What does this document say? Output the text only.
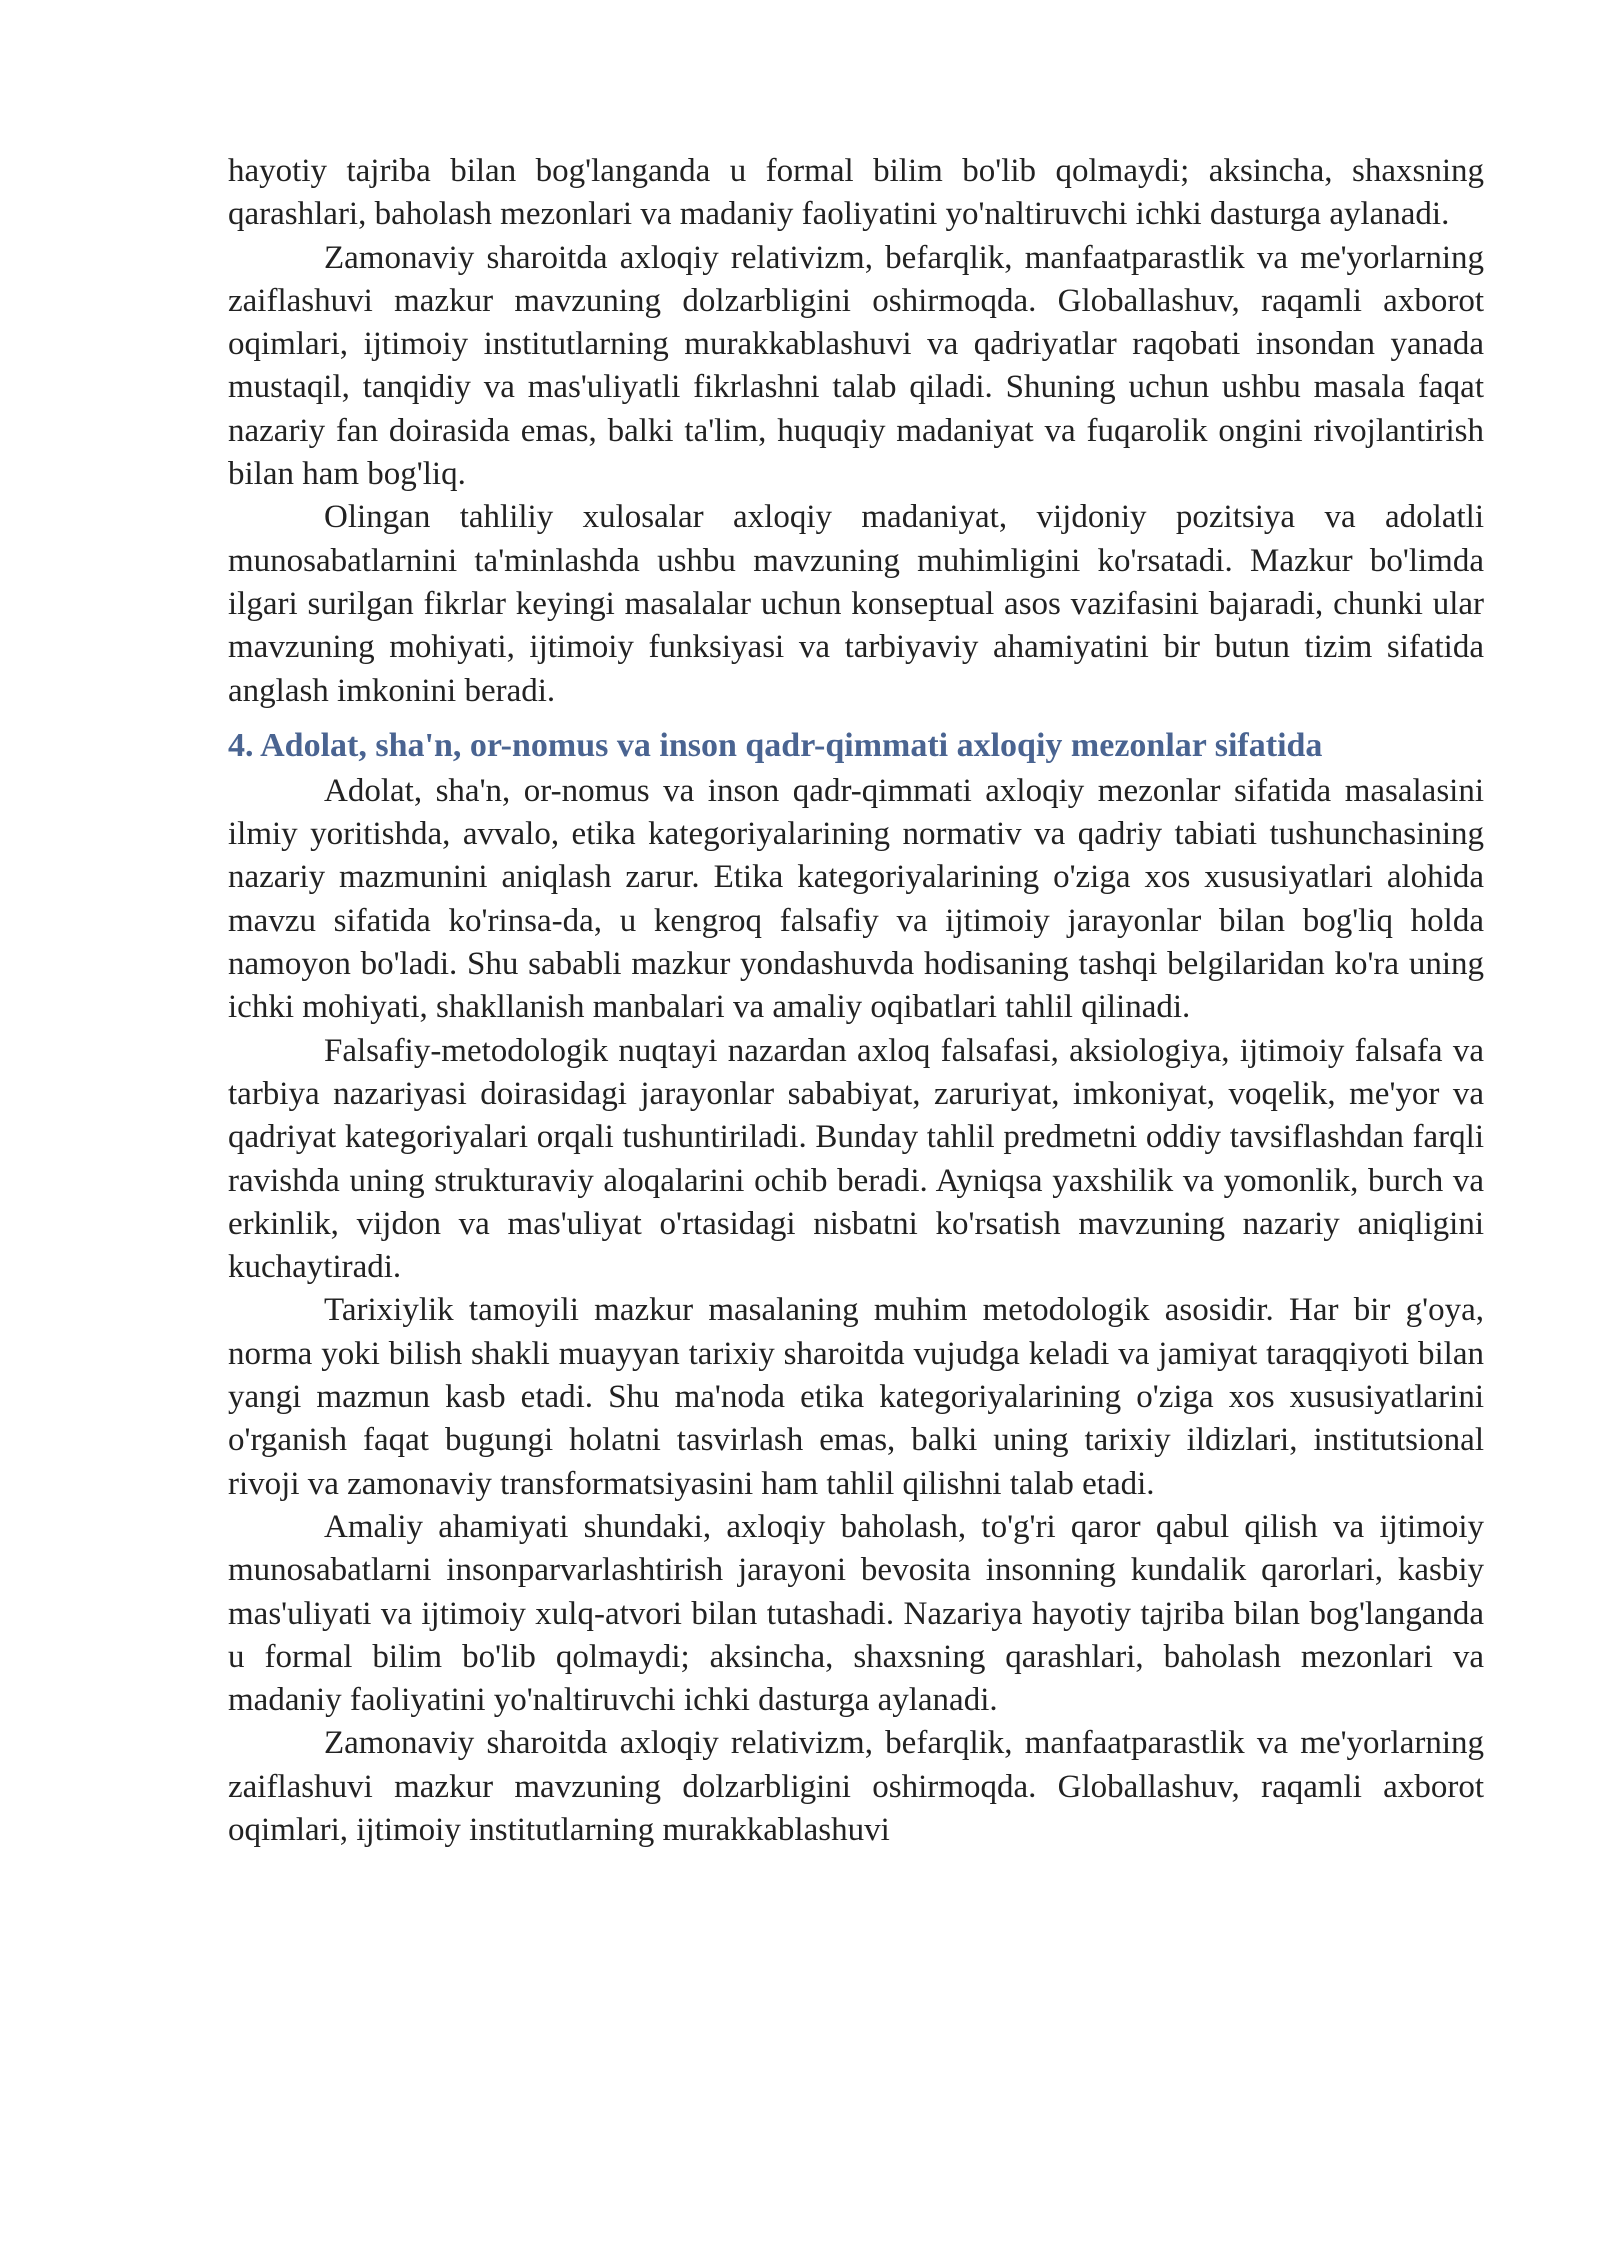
hayotiy tajriba bilan bog'langanda u formal bilim bo'lib qolmaydi; aksincha, shaxsning qarashlari, baholash mezonlari va madaniy faoliyatini yo'naltiruvchi ichki dasturga aylanadi.

Zamonaviy sharoitda axloqiy relativizm, befarqlik, manfaatparastlik va me'yorlarning zaiflashuvi mazkur mavzuning dolzarbligini oshirmoqda. Globallashuv, raqamli axborot oqimlari, ijtimoiy institutlarning murakkablashuvi va qadriyatlar raqobati insondan yanada mustaqil, tanqidiy va mas'uliyatli fikrlashni talab qiladi. Shuning uchun ushbu masala faqat nazariy fan doirasida emas, balki ta'lim, huquqiy madaniyat va fuqarolik ongini rivojlantirish bilan ham bog'liq.

Olingan tahliliy xulosalar axloqiy madaniyat, vijdoniy pozitsiya va adolatli munosabatlarnini ta'minlashda ushbu mavzuning muhimligini ko'rsatadi. Mazkur bo'limda ilgari surilgan fikrlar keyingi masalalar uchun konseptual asos vazifasini bajaradi, chunki ular mavzuning mohiyati, ijtimoiy funksiyasi va tarbiyaviy ahamiyatini bir butun tizim sifatida anglash imkonini beradi.

4. Adolat, sha'n, or-nomus va inson qadr-qimmati axloqiy mezonlar sifatida

Adolat, sha'n, or-nomus va inson qadr-qimmati axloqiy mezonlar sifatida masalasini ilmiy yoritishda, avvalo, etika kategoriyalarining normativ va qadriy tabiati tushunchasining nazariy mazmunini aniqlash zarur. Etika kategoriyalarining o'ziga xos xususiyatlari alohida mavzu sifatida ko'rinsa-da, u kengroq falsafiy va ijtimoiy jarayonlar bilan bog'liq holda namoyon bo'ladi. Shu sababli mazkur yondashuvda hodisaning tashqi belgilaridan ko'ra uning ichki mohiyati, shakllanish manbalari va amaliy oqibatlari tahlil qilinadi.

Falsafiy-metodologik nuqtayi nazardan axloq falsafasi, aksiologiya, ijtimoiy falsafa va tarbiya nazariyasi doirasidagi jarayonlar sababiyat, zaruriyat, imkoniyat, voqelik, me'yor va qadriyat kategoriyalari orqali tushuntiriladi. Bunday tahlil predmetni oddiy tavsiflashdan farqli ravishda uning strukturaviy aloqalarini ochib beradi. Ayniqsa yaxshilik va yomonlik, burch va erkinlik, vijdon va mas'uliyat o'rtasidagi nisbatni ko'rsatish mavzuning nazariy aniqligini kuchaytiradi.

Tarixiylik tamoyili mazkur masalaning muhim metodologik asosidir. Har bir g'oya, norma yoki bilish shakli muayyan tarixiy sharoitda vujudga keladi va jamiyat taraqqiyoti bilan yangi mazmun kasb etadi. Shu ma'noda etika kategoriyalarining o'ziga xos xususiyatlarini o'rganish faqat bugungi holatni tasvirlash emas, balki uning tarixiy ildizlari, institutsional rivoji va zamonaviy transformatsiyasini ham tahlil qilishni talab etadi.

Amaliy ahamiyati shundaki, axloqiy baholash, to'g'ri qaror qabul qilish va ijtimoiy munosabatlarni insonparvarlashtirish jarayoni bevosita insonning kundalik qarorlari, kasbiy mas'uliyati va ijtimoiy xulq-atvori bilan tutashadi. Nazariya hayotiy tajriba bilan bog'langanda u formal bilim bo'lib qolmaydi; aksincha, shaxsning qarashlari, baholash mezonlari va madaniy faoliyatini yo'naltiruvchi ichki dasturga aylanadi.

Zamonaviy sharoitda axloqiy relativizm, befarqlik, manfaatparastlik va me'yorlarning zaiflashuvi mazkur mavzuning dolzarbligini oshirmoqda. Globallashuv, raqamli axborot oqimlari, ijtimoiy institutlarning murakkablashuvi
